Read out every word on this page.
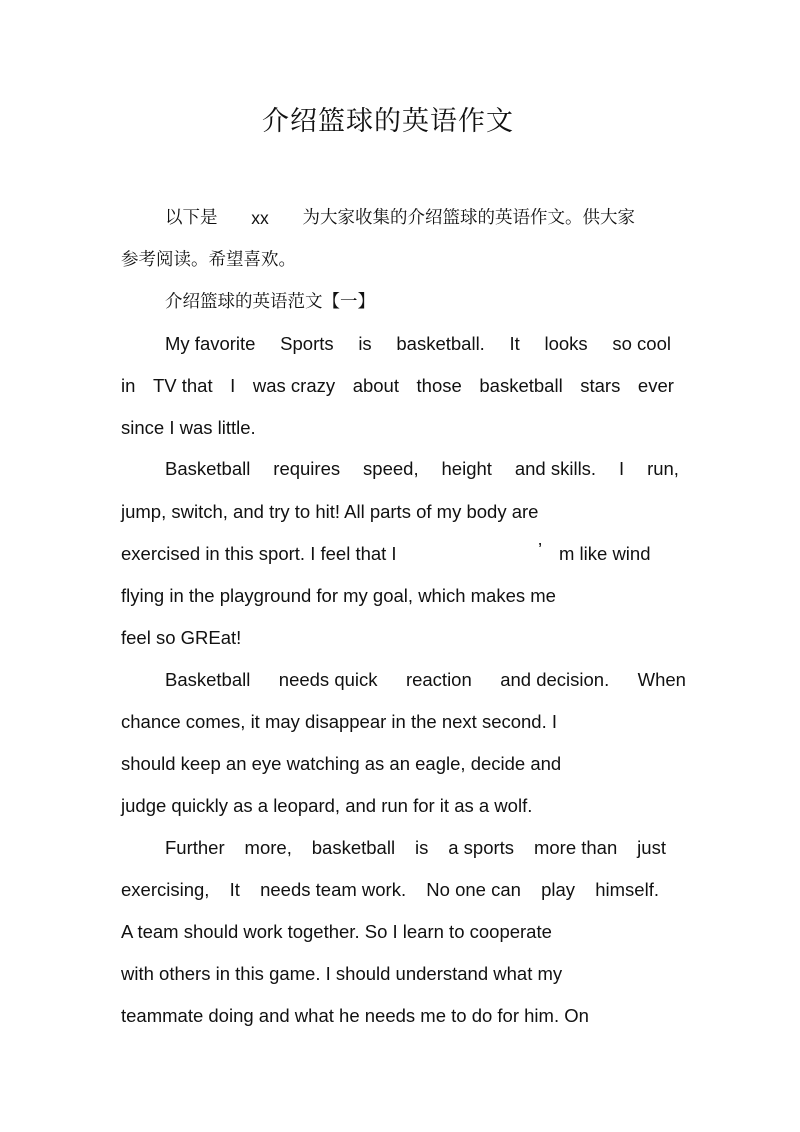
介绍篮球的英语作文
以下是 xx 为大家收集的介绍篮球的英语作文。供大家
参考阅读。希望喜欢。
介绍篮球的英语范文【一】
My favorite Sports is basketball. It looks so cool
in TV that I was crazy about those basketball stars ever
since I was little.
Basketball requires speed, height and skills. I run,
jump, switch, and try to hit! All parts of my body are
exercised in this sport. I feel that I	’ m like wind
flying in the playground for my goal, which makes me
feel so GREat!
Basketball needs quick reaction and decision. When
chance comes, it may disappear in the next second. I
should keep an eye watching as an eagle, decide and
judge quickly as a leopard, and run for it as a wolf.
Further more, basketball is a sports more than just
exercising, It needs team work. No one can play himself.
A team should work together. So I learn to cooperate
with others in this game. I should understand what my
teammate doing and what he needs me to do for him. On
